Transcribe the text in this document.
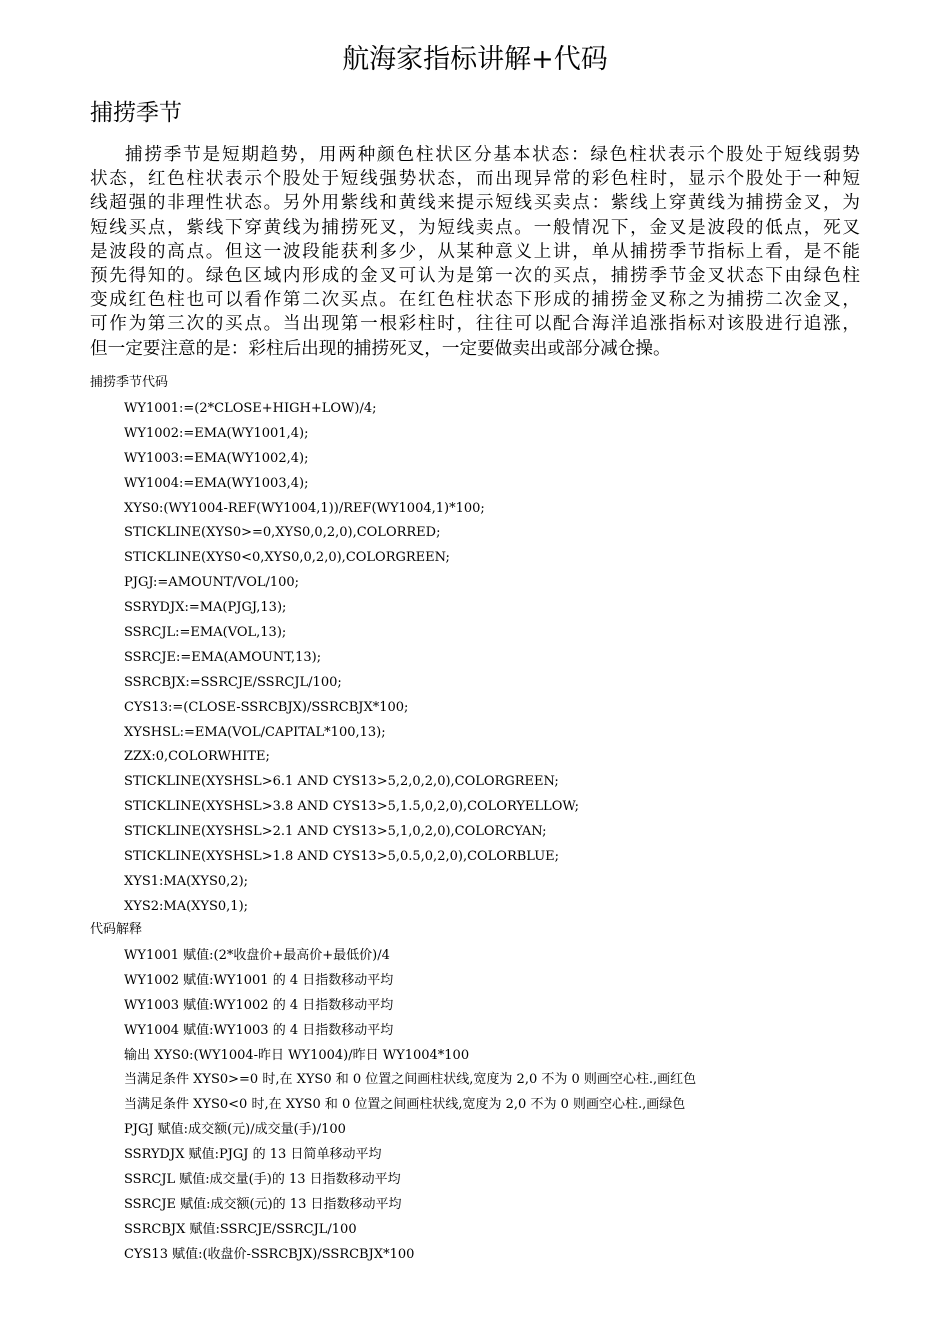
航海家指标讲解+代码
捕捞季节
捕捞季节是短期趋势，用两种颜色柱状区分基本状态：绿色柱状表示个股处于短线弱势
状态，红色柱状表示个股处于短线强势状态，而出现异常的彩色柱时，显示个股处于一种短
线超强的非理性状态。另外用紫线和黄线来提示短线买卖点：紫线上穿黄线为捕捞金叉，为
短线买点，紫线下穿黄线为捕捞死叉，为短线卖点。一般情况下，金叉是波段的低点，死叉
是波段的高点。但这一波段能获利多少，从某种意义上讲，单从捕捞季节指标上看，是不能
预先得知的。绿色区域内形成的金叉可认为是第一次的买点，捕捞季节金叉状态下由绿色柱
变成红色柱也可以看作第二次买点。在红色柱状态下形成的捕捞金叉称之为捕捞二次金叉，
可作为第三次的买点。当出现第一根彩柱时，往往可以配合海洋追涨指标对该股进行追涨，
但一定要注意的是：彩柱后出现的捕捞死叉，一定要做卖出或部分减仓操。
捕捞季节代码
WY1001:=(2*CLOSE+HIGH+LOW)/4;
WY1002:=EMA(WY1001,4);
WY1003:=EMA(WY1002,4);
WY1004:=EMA(WY1003,4);
XYS0:(WY1004-REF(WY1004,1))/REF(WY1004,1)*100;
STICKLINE(XYS0>=0,XYS0,0,2,0),COLORRED;
STICKLINE(XYS0<0,XYS0,0,2,0),COLORGREEN;
PJGJ:=AMOUNT/VOL/100;
SSRYDJX:=MA(PJGJ,13);
SSRCJL:=EMA(VOL,13);
SSRCJE:=EMA(AMOUNT,13);
SSRCBJX:=SSRCJE/SSRCJL/100;
CYS13:=(CLOSE-SSRCBJX)/SSRCBJX*100;
XYSHSL:=EMA(VOL/CAPITAL*100,13);
ZZX:0,COLORWHITE;
STICKLINE(XYSHSL>6.1 AND CYS13>5,2,0,2,0),COLORGREEN;
STICKLINE(XYSHSL>3.8 AND CYS13>5,1.5,0,2,0),COLORYELLOW;
STICKLINE(XYSHSL>2.1 AND CYS13>5,1,0,2,0),COLORCYAN;
STICKLINE(XYSHSL>1.8 AND CYS13>5,0.5,0,2,0),COLORBLUE;
XYS1:MA(XYS0,2);
XYS2:MA(XYS0,1);
代码解释
WY1001 赋值:(2*收盘价+最高价+最低价)/4
WY1002 赋值:WY1001 的 4 日指数移动平均
WY1003 赋值:WY1002 的 4 日指数移动平均
WY1004 赋值:WY1003 的 4 日指数移动平均
输出 XYS0:(WY1004-昨日 WY1004)/昨日 WY1004*100
当满足条件 XYS0>=0 时,在 XYS0 和 0 位置之间画柱状线,宽度为 2,0 不为 0 则画空心柱.,画红色
当满足条件 XYS0<0 时,在 XYS0 和 0 位置之间画柱状线,宽度为 2,0 不为 0 则画空心柱.,画绿色
PJGJ 赋值:成交额(元)/成交量(手)/100
SSRYDJX 赋值:PJGJ 的 13 日简单移动平均
SSRCJL 赋值:成交量(手)的 13 日指数移动平均
SSRCJE 赋值:成交额(元)的 13 日指数移动平均
SSRCBJX 赋值:SSRCJE/SSRCJL/100
CYS13 赋值:(收盘价-SSRCBJX)/SSRCBJX*100
